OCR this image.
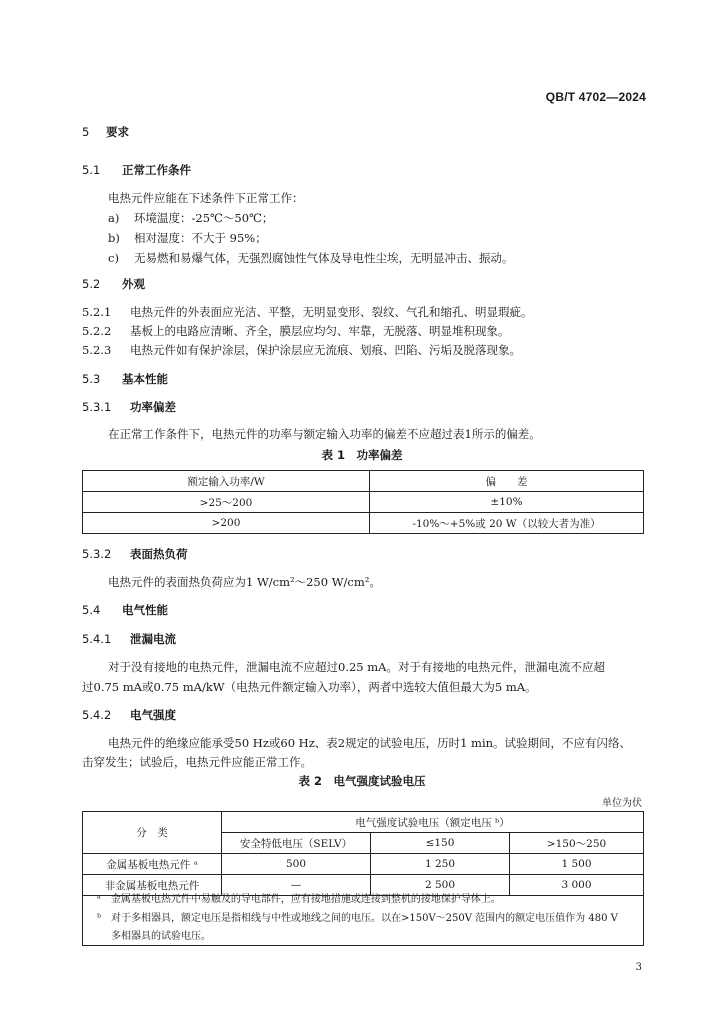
QB/T 4702—2024
5 要求
5.1 正常工作条件
电热元件应能在下述条件下正常工作：
a) 环境温度：-25℃～50℃；
b) 相对湿度：不大于 95%；
c) 无易燃和易爆气体，无强烈腐蚀性气体及导电性尘埃，无明显冲击、振动。
5.2 外观
5.2.1 电热元件的外表面应光洁、平整，无明显变形、裂纹、气孔和缩孔、明显瑕疵。
5.2.2 基板上的电路应清晰、齐全，膜层应均匀、牢靠，无脱落、明显堆积现象。
5.2.3 电热元件如有保护涂层，保护涂层应无流痕、划痕、凹陷、污垢及脱落现象。
5.3 基本性能
5.3.1 功率偏差
在正常工作条件下，电热元件的功率与额定输入功率的偏差不应超过表1所示的偏差。
表 1　功率偏差
额定输入功率/W	偏　　差
>25～200	±10%
>200	-10%～+5%或 20 W（以较大者为准）
5.3.2 表面热负荷
电热元件的表面热负荷应为1 W/cm²～250 W/cm²。
5.4 电气性能
5.4.1 泄漏电流
对于没有接地的电热元件，泄漏电流不应超过0.25 mA。对于有接地的电热元件，泄漏电流不应超
过0.75 mA或0.75 mA/kW（电热元件额定输入功率），两者中选较大值但最大为5 mA。
5.4.2 电气强度
电热元件的绝缘应能承受50 Hz或60 Hz、表2规定的试验电压，历时1 min。试验期间，不应有闪络、
击穿发生；试验后，电热元件应能正常工作。
表 2　电气强度试验电压
单位为伏
分　类	电气强度试验电压（额定电压 ᵇ）		
	安全特低电压（SELV）	≤150	>150～250
金属基板电热元件 ᵃ	500	1 250	1 500
非金属基板电热元件	—	2 500	3 000
ᵃ　金属基板电热元件中易触及的导电部件，应有接地措施或连接到整机的接地保护导体上。
ᵇ　对于多相器具，额定电压是指相线与中性或地线之间的电压。以在>150V～250V 范围内的额定电压值作为 480 V
多相器具的试验电压。
3
